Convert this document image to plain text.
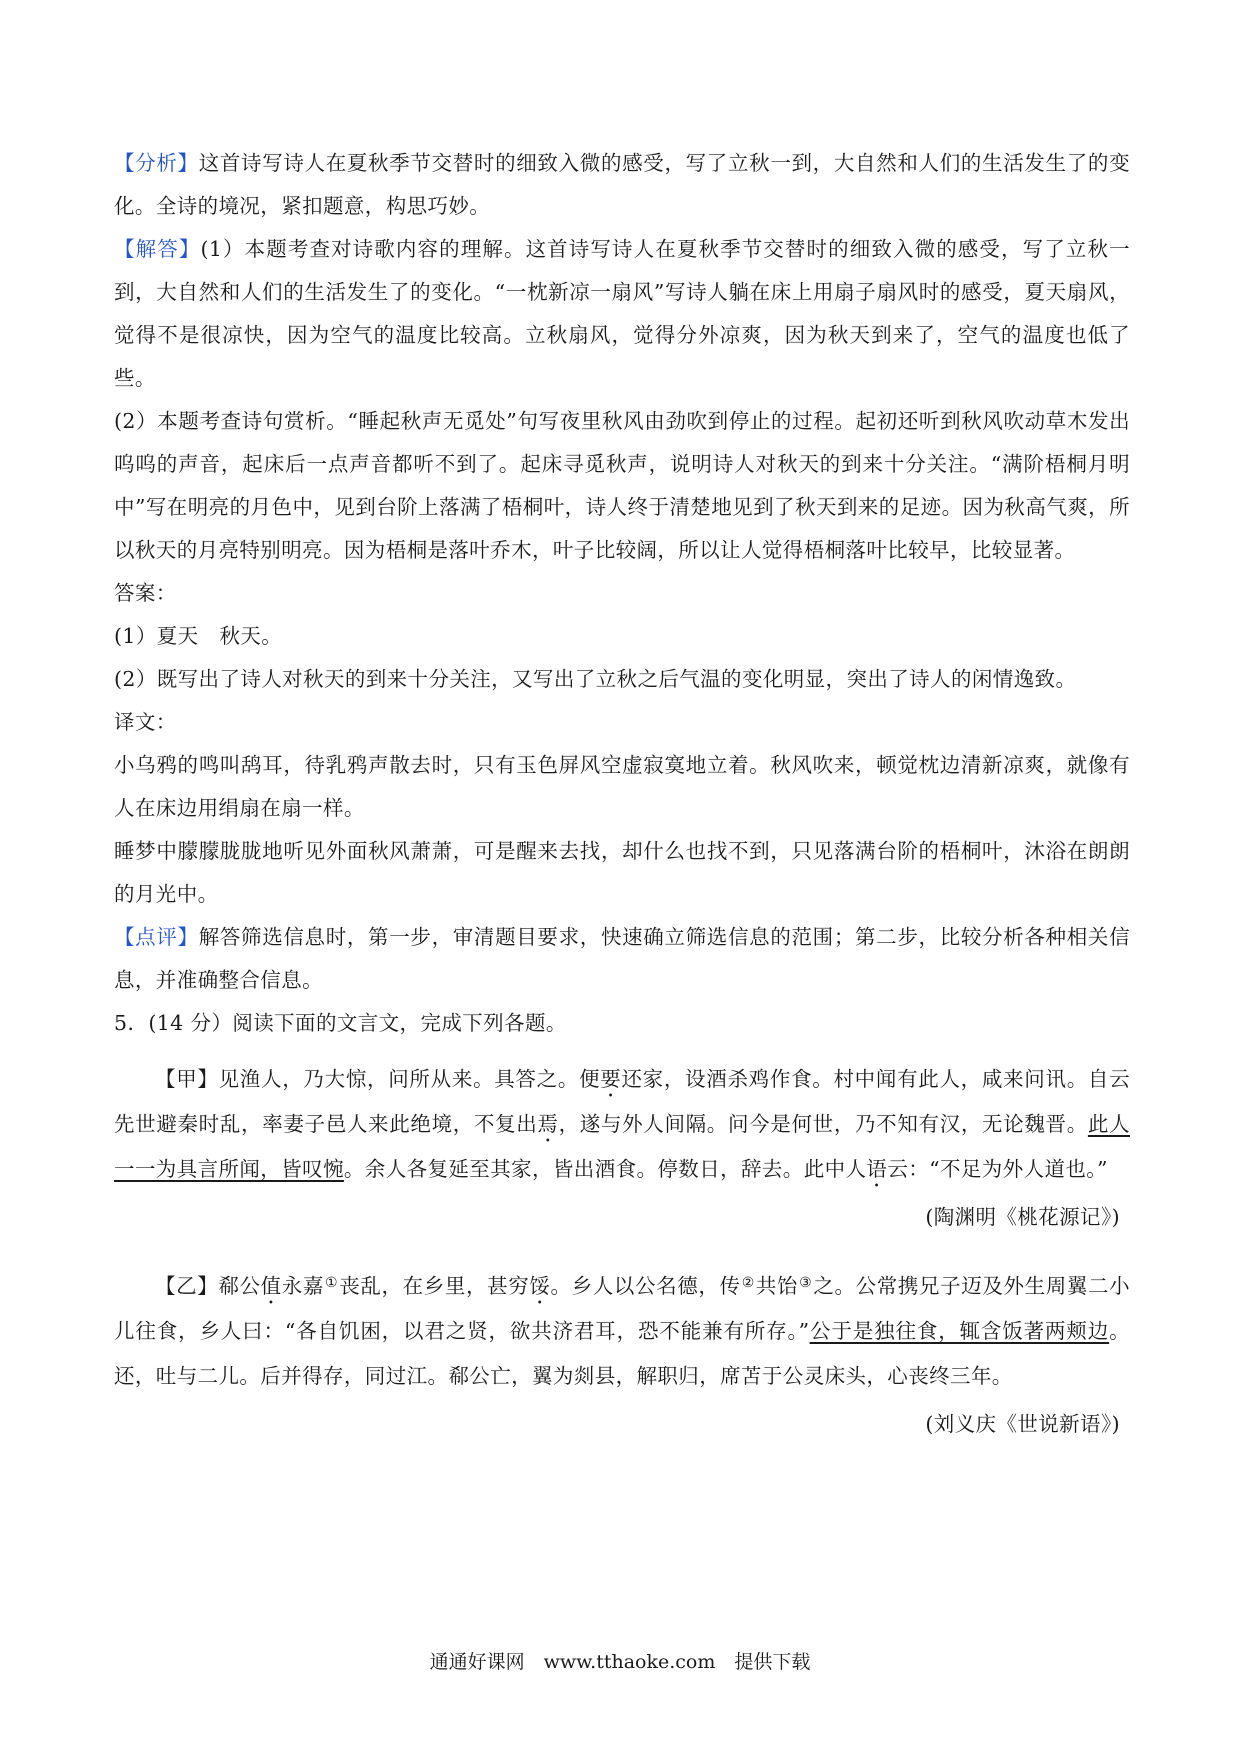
【分析】这首诗写诗人在夏秋季节交替时的细致入微的感受，写了立秋一到，大自然和人们的生活发生了的变化。全诗的境况，紧扣题意，构思巧妙。

【解答】(1）本题考查对诗歌内容的理解。这首诗写诗人在夏秋季节交替时的细致入微的感受，写了立秋一到，大自然和人们的生活发生了的变化。“一枕新凉一扇风”写诗人躺在床上用扇子扇风时的感受，夏天扇风，觉得不是很凉快，因为空气的温度比较高。立秋扇风，觉得分外凉爽，因为秋天到来了，空气的温度也低了些。

(2）本题考查诗句赏析。“睡起秋声无觅处”句写夜里秋风由劲吹到停止的过程。起初还听到秋风吹动草木发出呜呜的声音，起床后一点声音都听不到了。起床寻觅秋声，说明诗人对秋天的到来十分关注。“满阶梧桐月明中”写在明亮的月色中，见到台阶上落满了梧桐叶，诗人终于清楚地见到了秋天到来的足迹。因为秋高气爽，所以秋天的月亮特别明亮。因为梧桐是落叶乔木，叶子比较阔，所以让人觉得梧桐落叶比较早，比较显著。

答案：

(1）夏天　秋天。

(2）既写出了诗人对秋天的到来十分关注，又写出了立秋之后气温的变化明显，突出了诗人的闲情逸致。

译文：

小乌鸦的鸣叫鸹耳，待乳鸦声散去时，只有玉色屏风空虚寂寞地立着。秋风吹来，顿觉枕边清新凉爽，就像有人在床边用绢扇在扇一样。

睡梦中朦朦胧胧地听见外面秋风萧萧，可是醒来去找，却什么也找不到，只见落满台阶的梧桐叶，沐浴在朗朗的月光中。

【点评】解答筛选信息时，第一步，审清题目要求，快速确立筛选信息的范围；第二步，比较分析各种相关信息，并准确整合信息。

5．(14 分）阅读下面的文言文，完成下列各题。

【甲】见渔人，乃大惊，问所从来。具答之。便要还家，设酒杀鸡作食。村中闻有此人，咸来问讯。自云先世避秦时乱，率妻子邑人来此绝境，不复出焉，遂与外人间隔。问今是何世，乃不知有汉，无论魏晋。此人一一为具言所闻，皆叹惋。余人各复延至其家，皆出酒食。停数日，辞去。此中人语云：“不足为外人道也。”

(陶渊明《桃花源记》)

【乙】郗公值永嘉①丧乱，在乡里，甚穷馁。乡人以公名德，传②共饴③之。公常携兄子迈及外生周翼二小儿往食，乡人曰：“各自饥困，以君之贤，欲共济君耳，恐不能兼有所存。”公于是独往食，辄含饭著两颊边。还，吐与二儿。后并得存，同过江。郗公亡，翼为剡县，解职归，席苫于公灵床头，心丧终三年。

(刘义庆《世说新语》)

通通好课网　www.tthaoke.com　提供下载
